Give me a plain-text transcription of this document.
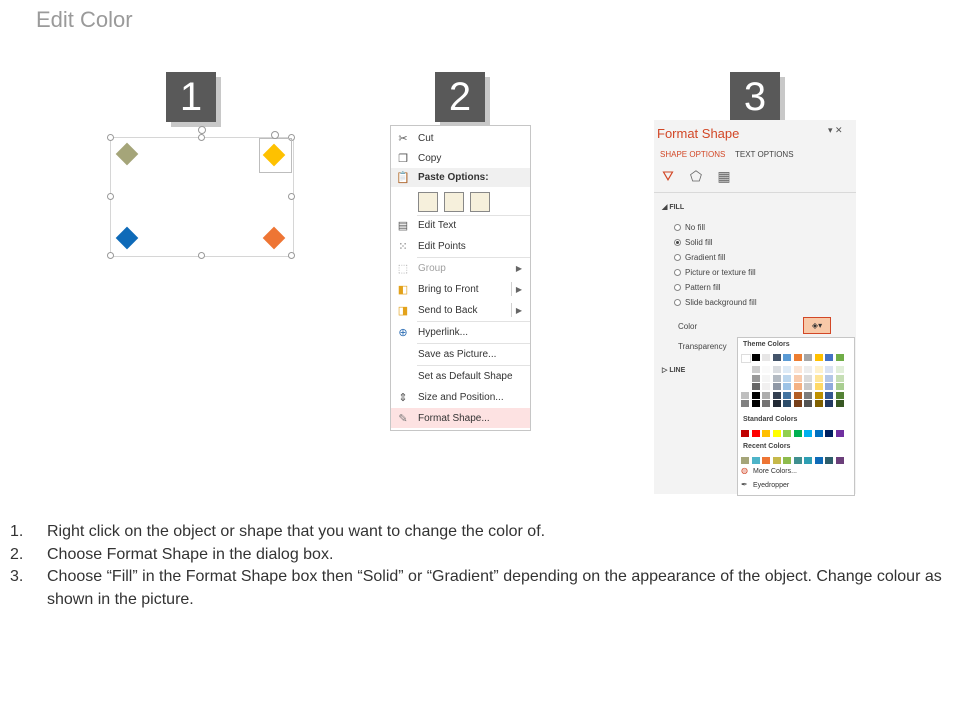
Edit Color
1	2	3
✂ Cut
❐ Copy
📋 Paste Options:
▤ Edit Text
⁙ Edit Points
⬚ Group	▶
◧ Bring to Front	▶
◨ Send to Back	▶
⊕ Hyperlink...
Save as Picture...
Set as Default Shape
⇕ Size and Position...
✎ Format Shape...
Format Shape	▾ ✕
SHAPE OPTIONS TEXT OPTIONS
⛛ ⬠ ▦
◢ FILL
No fill
Solid fill
Gradient fill
Picture or texture fill
Pattern fill
Slide background fill
Color	◈ ▾
Transparency
▷ LINE
Theme Colors
Standard Colors
Recent Colors
◍ More Colors...
✒ Eyedropper
1. Right click on the object or shape that you want to change the color of.
2. Choose Format Shape in the dialog box.
3. Choose “Fill” in the Format Shape box then “Solid” or “Gradient” depending on the appearance of the object. Change colour as shown in the picture.
